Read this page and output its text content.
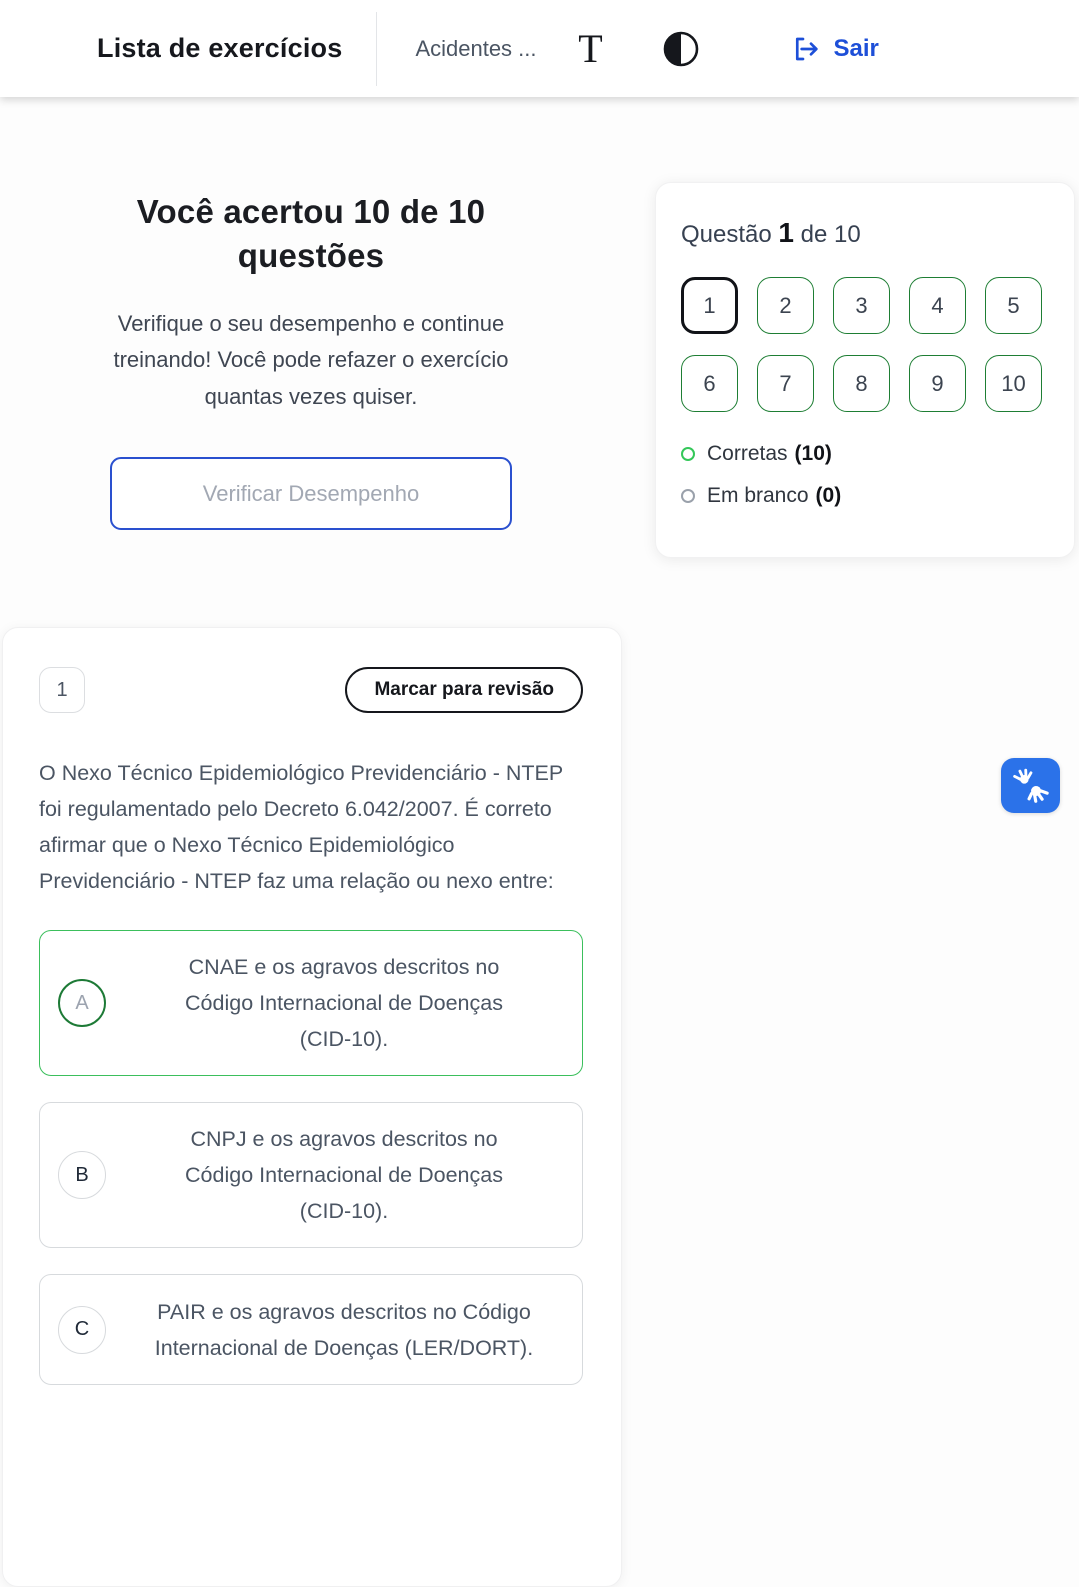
Lista de exercícios	Acidentes ... T	Sair
Você acertou 10 de 10 questões

Verifique o seu desempenho e continue treinando! Você pode refazer o exercício quantas vezes quiser.

Verificar Desempenho
Questão 1 de 10
1	2	3	4	5
6	7	8	9	10
Corretas (10)
Em branco (0)
1	Marcar para revisão
O Nexo Técnico Epidemiológico Previdenciário - NTEP foi regulamentado pelo Decreto 6.042/2007. É correto afirmar que o Nexo Técnico Epidemiológico Previdenciário - NTEP faz uma relação ou nexo entre:
A
CNAE e os agravos descritos no Código Internacional de Doenças (CID-10).
B
CNPJ e os agravos descritos no Código Internacional de Doenças (CID-10).
C
PAIR e os agravos descritos no Código Internacional de Doenças (LER/DORT).
